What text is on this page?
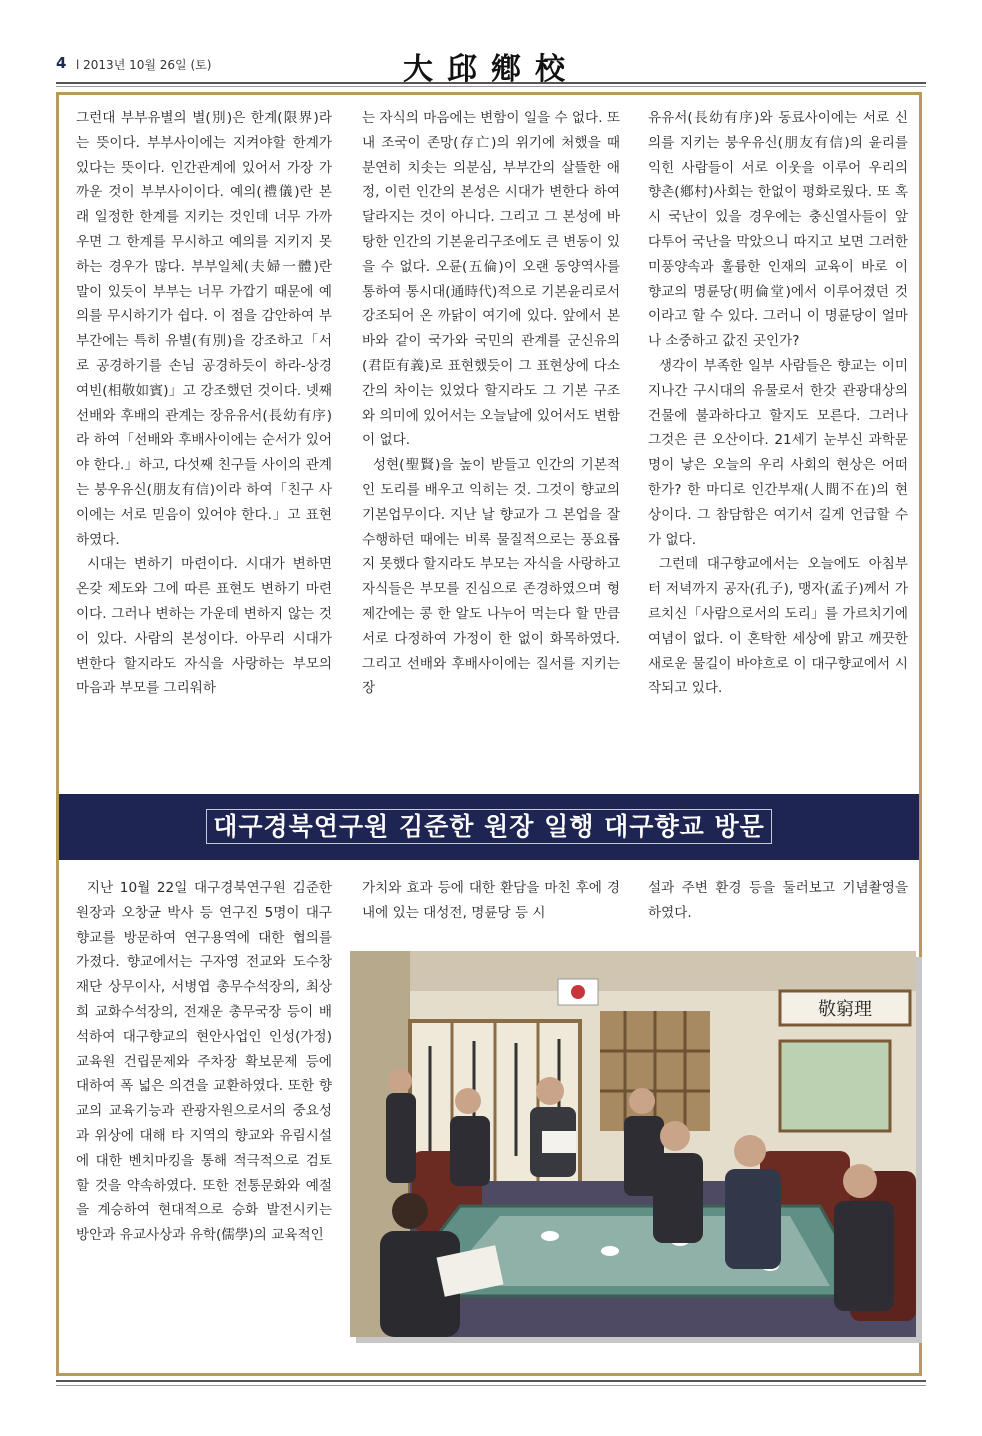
大邱鄕校
4 l 2013년 10월 26일 (토)

그런대 부부유별의 별(別)은 한계(限界)라는 뜻이다. 부부사이에는 지켜야할 한계가 있다는 뜻이다. 인간관계에 있어서 가장 가까운 것이 부부사이이다. 예의(禮儀)란 본래 일정한 한계를 지키는 것인데 너무 가까우면 그 한계를 무시하고 예의를 지키지 못하는 경우가 많다. 부부일체(夫婦一體)란 말이 있듯이 부부는 너무 가깝기 때문에 예의를 무시하기가 쉽다. 이 점을 감안하여 부부간에는 특히 유별(有別)을 강조하고「서로 공경하기를 손님 공경하듯이 하라-상경여빈(相敬如賓)」고 강조했던 것이다. 넷째 선배와 후배의 관계는 장유유서(長幼有序)라 하여「선배와 후배사이에는 순서가 있어야 한다.」하고, 다섯째 친구들 사이의 관계는 붕우유신(朋友有信)이라 하여「친구 사이에는 서로 믿음이 있어야 한다.」고 표현하였다.

시대는 변하기 마련이다. 시대가 변하면 온갖 제도와 그에 따른 표현도 변하기 마련이다. 그러나 변하는 가운데 변하지 않는 것이 있다. 사람의 본성이다. 아무리 시대가 변한다 할지라도 자식을 사랑하는 부모의 마음과 부모를 그리워하

는 자식의 마음에는 변함이 일을 수 없다. 또 내 조국이 존망(存亡)의 위기에 처했을 때 분연히 치솟는 의분심, 부부간의 살뜰한 애정, 이런 인간의 본성은 시대가 변한다 하여 달라지는 것이 아니다. 그리고 그 본성에 바탕한 인간의 기본윤리구조에도 큰 변동이 있을 수 없다. 오륜(五倫)이 오랜 동양역사를 통하여 통시대(通時代)적으로 기본윤리로서 강조되어 온 까닭이 여기에 있다. 앞에서 본 바와 같이 국가와 국민의 관계를 군신유의(君臣有義)로 표현했듯이 그 표현상에 다소간의 차이는 있었다 할지라도 그 기본 구조와 의미에 있어서는 오늘날에 있어서도 변함이 없다.

성현(聖賢)을 높이 받들고 인간의 기본적인 도리를 배우고 익히는 것. 그것이 향교의 기본업무이다. 지난 날 향교가 그 본업을 잘 수행하던 때에는 비록 물질적으로는 풍요롭지 못했다 할지라도 부모는 자식을 사랑하고 자식들은 부모를 진심으로 존경하였으며 형제간에는 콩 한 알도 나누어 먹는다 할 만큼 서로 다정하여 가정이 한 없이 화목하였다. 그리고 선배와 후배사이에는 질서를 지키는 장

유유서(長幼有序)와 동료사이에는 서로 신의를 지키는 붕우유신(朋友有信)의 윤리를 익힌 사람들이 서로 이웃을 이루어 우리의 향촌(鄕村)사회는 한없이 평화로웠다. 또 혹시 국난이 있을 경우에는 충신열사들이 앞 다투어 국난을 막았으니 따지고 보면 그러한 미풍양속과 훌륭한 인재의 교육이 바로 이 향교의 명륜당(明倫堂)에서 이루어졌던 것이라고 할 수 있다. 그러니 이 명륜당이 얼마나 소중하고 값진 곳인가?

생각이 부족한 일부 사람들은 향교는 이미 지나간 구시대의 유물로서 한갓 관광대상의 건물에 불과하다고 할지도 모른다. 그러나 그것은 큰 오산이다. 21세기 눈부신 과학문명이 낳은 오늘의 우리 사회의 현상은 어떠한가? 한 마디로 인간부재(人間不在)의 현상이다. 그 참담함은 여기서 길게 언급할 수가 없다.

그런데 대구향교에서는 오늘에도 아침부터 저녁까지 공자(孔子), 맹자(孟子)께서 가르치신「사람으로서의 도리」를 가르치기에 여념이 없다. 이 혼탁한 세상에 맑고 깨끗한 새로운 물길이 바야흐로 이 대구향교에서 시작되고 있다.

대구경북연구원 김준한 원장 일행 대구향교 방문

지난 10월 22일 대구경북연구원 김준한 원장과 오창균 박사 등 연구진 5명이 대구향교를 방문하여 연구용역에 대한 협의를 가졌다. 향교에서는 구자영 전교와 도수창 재단 상무이사, 서병엽 총무수석장의, 최상희 교화수석장의, 전재운 총무국장 등이 배석하여 대구향교의 현안사업인 인성(가정)교육원 건립문제와 주차장 확보문제 등에 대하여 폭 넓은 의견을 교환하였다. 또한 향교의 교육기능과 관광자원으로서의 중요성과 위상에 대해 타 지역의 향교와 유림시설에 대한 벤치마킹을 통해 적극적으로 검토할 것을 약속하였다. 또한 전통문화와 예절을 계승하여 현대적으로 승화 발전시키는 방안과 유교사상과 유학(儒學)의 교육적인

가치와 효과 등에 대한 환담을 마친 후에 경내에 있는 대성전, 명륜당 등 시

설과 주변 환경 등을 둘러보고 기념촬영을 하였다.

敬窮理
